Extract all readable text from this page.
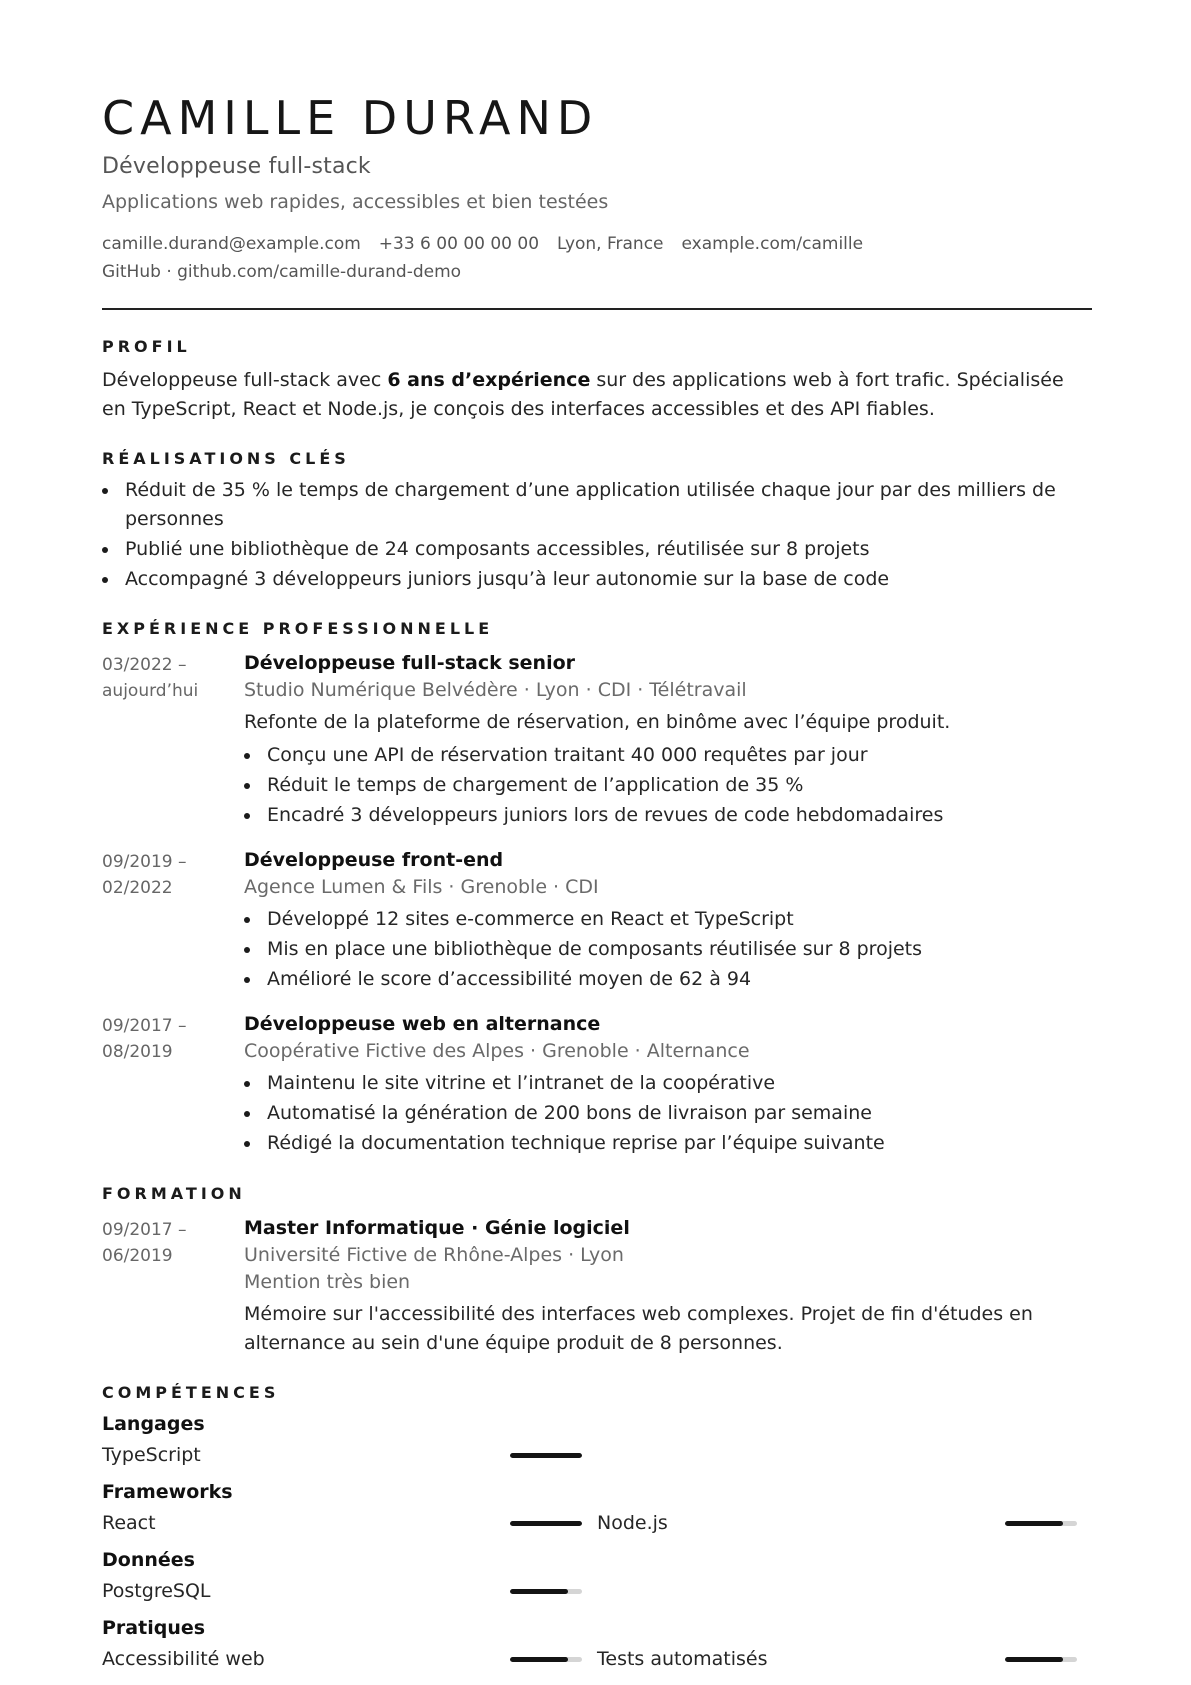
CAMILLE DURAND
Développeuse full-stack
Applications web rapides, accessibles et bien testées
camille.durand@example.com +33 6 00 00 00 00 Lyon, France example.com/camille
GitHub · github.com/camille-durand-demo
PROFIL
Développeuse full-stack avec 6 ans d’expérience sur des applications web à fort trafic. Spécialisée en TypeScript, React et Node.js, je conçois des interfaces accessibles et des API fiables.
RÉALISATIONS CLÉS
Réduit de 35 % le temps de chargement d’une application utilisée chaque jour par des milliers de personnes
Publié une bibliothèque de 24 composants accessibles, réutilisée sur 8 projets
Accompagné 3 développeurs juniors jusqu’à leur autonomie sur la base de code
EXPÉRIENCE PROFESSIONNELLE
03/2022 –
aujourd’hui
Développeuse full-stack senior
Studio Numérique Belvédère · Lyon · CDI · Télétravail
Refonte de la plateforme de réservation, en binôme avec l’équipe produit.
Conçu une API de réservation traitant 40 000 requêtes par jour
Réduit le temps de chargement de l’application de 35 %
Encadré 3 développeurs juniors lors de revues de code hebdomadaires
09/2019 –
02/2022
Développeuse front-end
Agence Lumen & Fils · Grenoble · CDI
Développé 12 sites e-commerce en React et TypeScript
Mis en place une bibliothèque de composants réutilisée sur 8 projets
Amélioré le score d’accessibilité moyen de 62 à 94
09/2017 –
08/2019
Développeuse web en alternance
Coopérative Fictive des Alpes · Grenoble · Alternance
Maintenu le site vitrine et l’intranet de la coopérative
Automatisé la génération de 200 bons de livraison par semaine
Rédigé la documentation technique reprise par l’équipe suivante
FORMATION
09/2017 –
06/2019
Master Informatique · Génie logiciel
Université Fictive de Rhône-Alpes · Lyon
Mention très bien
Mémoire sur l'accessibilité des interfaces web complexes. Projet de fin d'études en alternance au sein d'une équipe produit de 8 personnes.
COMPÉTENCES
Langages
TypeScript
Frameworks
React	Node.js
Données
PostgreSQL
Pratiques
Accessibilité web	Tests automatisés
